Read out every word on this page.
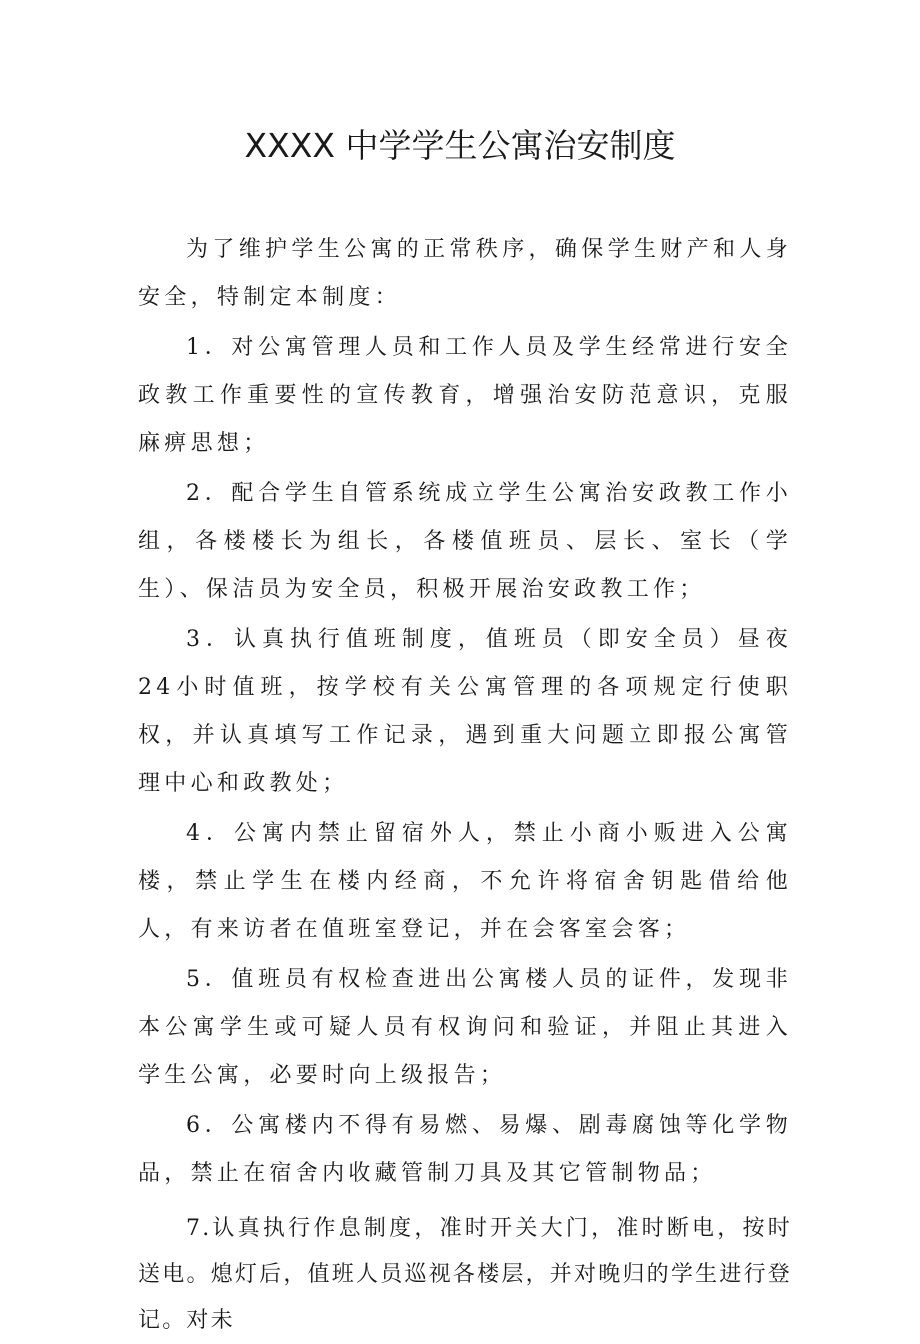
XXXX 中学学生公寓治安制度

为了维护学生公寓的正常秩序，确保学生财产和人身安全，特制定本制度：

1．对公寓管理人员和工作人员及学生经常进行安全政教工作重要性的宣传教育，增强治安防范意识，克服麻痹思想；

2．配合学生自管系统成立学生公寓治安政教工作小组，各楼楼长为组长，各楼值班员、层长、室长（学生）、保洁员为安全员，积极开展治安政教工作；

3．认真执行值班制度，值班员（即安全员）昼夜24小时值班，按学校有关公寓管理的各项规定行使职权，并认真填写工作记录，遇到重大问题立即报公寓管理中心和政教处；

4．公寓内禁止留宿外人，禁止小商小贩进入公寓楼，禁止学生在楼内经商，不允许将宿舍钥匙借给他人，有来访者在值班室登记，并在会客室会客；

5．值班员有权检查进出公寓楼人员的证件，发现非本公寓学生或可疑人员有权询问和验证，并阻止其进入学生公寓，必要时向上级报告；

6．公寓楼内不得有易燃、易爆、剧毒腐蚀等化学物品，禁止在宿舍内收藏管制刀具及其它管制物品；

7.认真执行作息制度，准时开关大门，准时断电，按时送电。熄灯后，值班人员巡视各楼层，并对晚归的学生进行登记。对未
